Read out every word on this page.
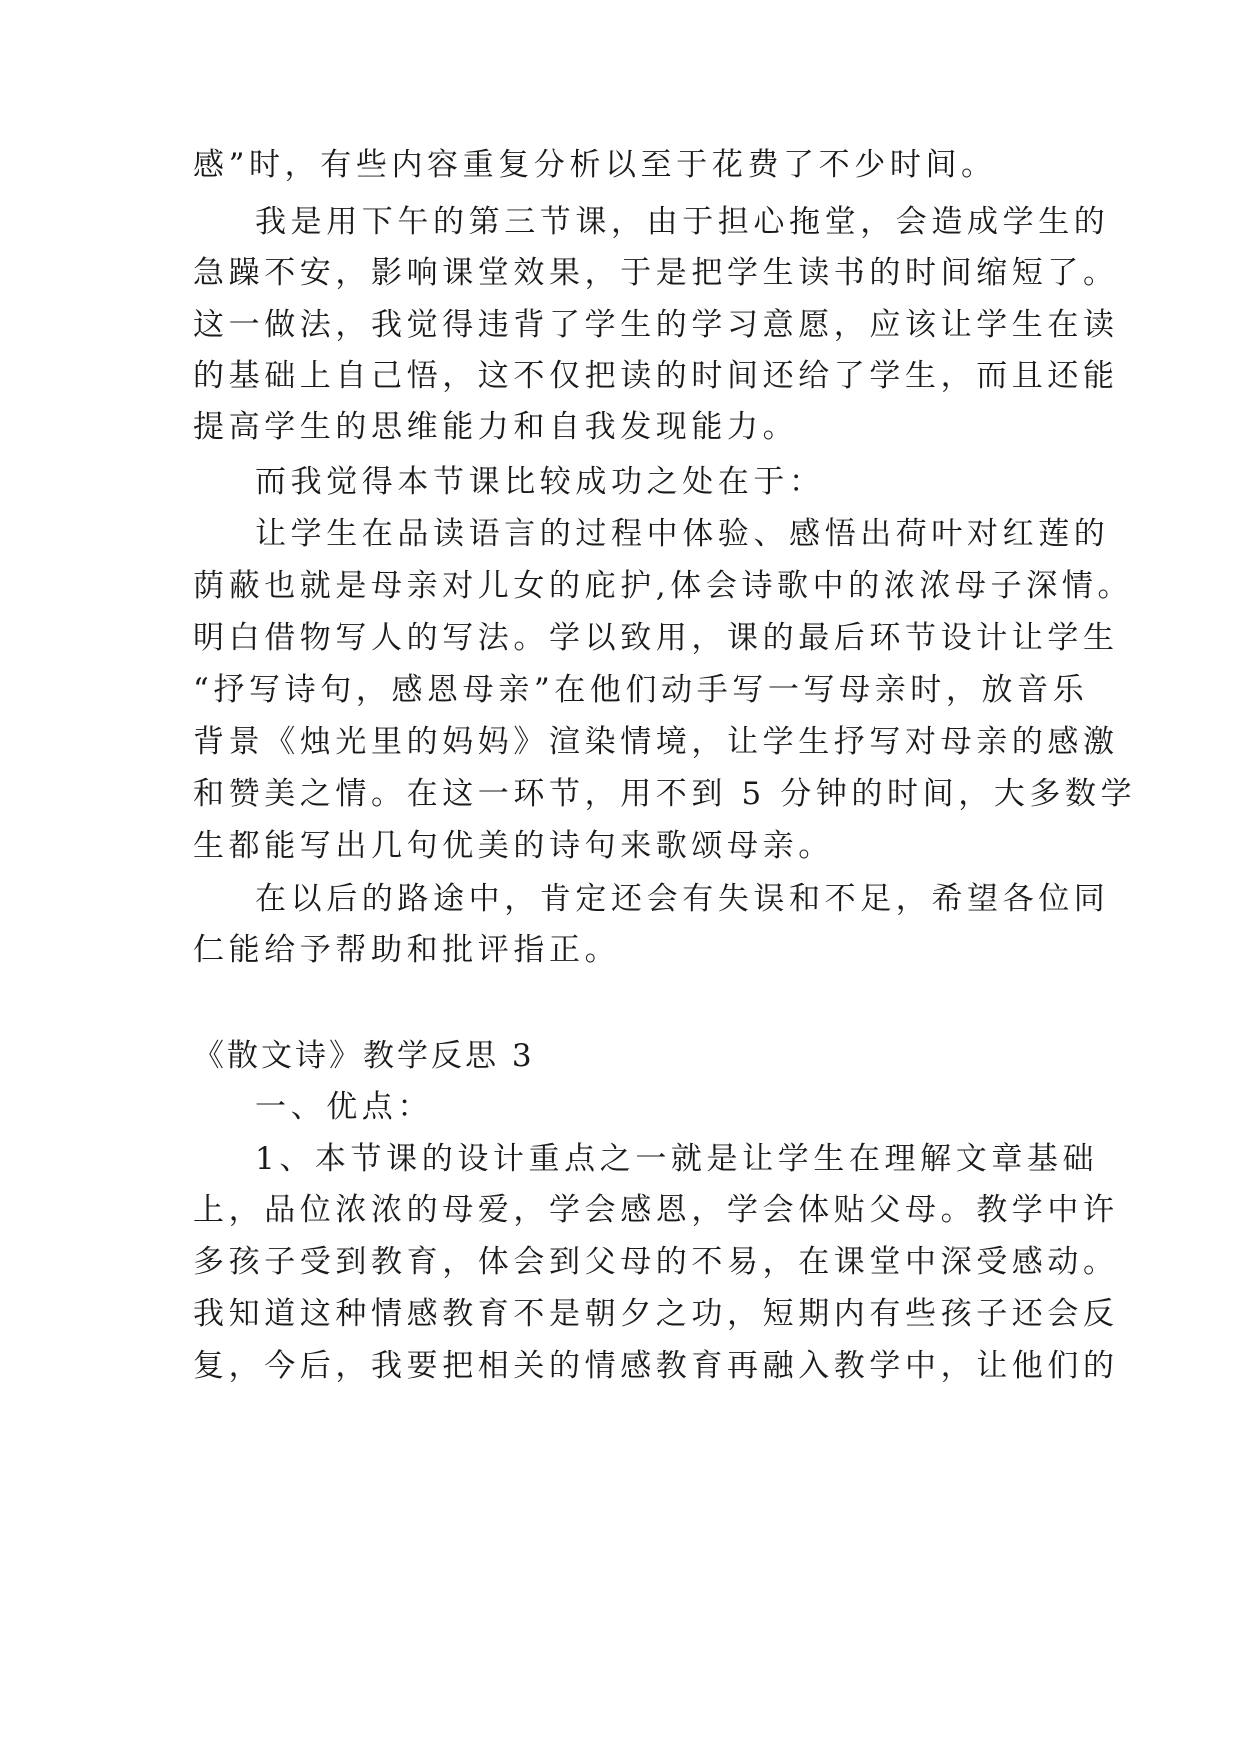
感”时，有些内容重复分析以至于花费了不少时间。
我是用下午的第三节课，由于担心拖堂，会造成学生的
急躁不安，影响课堂效果，于是把学生读书的时间缩短了。
这一做法，我觉得违背了学生的学习意愿，应该让学生在读
的基础上自己悟，这不仅把读的时间还给了学生，而且还能
提高学生的思维能力和自我发现能力。
而我觉得本节课比较成功之处在于：
让学生在品读语言的过程中体验、感悟出荷叶对红莲的
荫蔽也就是母亲对儿女的庇护,体会诗歌中的浓浓母子深情。
明白借物写人的写法。学以致用，课的最后环节设计让学生
“抒写诗句，感恩母亲”在他们动手写一写母亲时，放音乐
背景《烛光里的妈妈》渲染情境，让学生抒写对母亲的感激
和赞美之情。在这一环节，用不到 5 分钟的时间，大多数学
生都能写出几句优美的诗句来歌颂母亲。
在以后的路途中，肯定还会有失误和不足，希望各位同
仁能给予帮助和批评指正。
《散文诗》教学反思 3
一、优点：
1、本节课的设计重点之一就是让学生在理解文章基础
上，品位浓浓的母爱，学会感恩，学会体贴父母。教学中许
多孩子受到教育，体会到父母的不易，在课堂中深受感动。
我知道这种情感教育不是朝夕之功，短期内有些孩子还会反
复，今后，我要把相关的情感教育再融入教学中，让他们的
